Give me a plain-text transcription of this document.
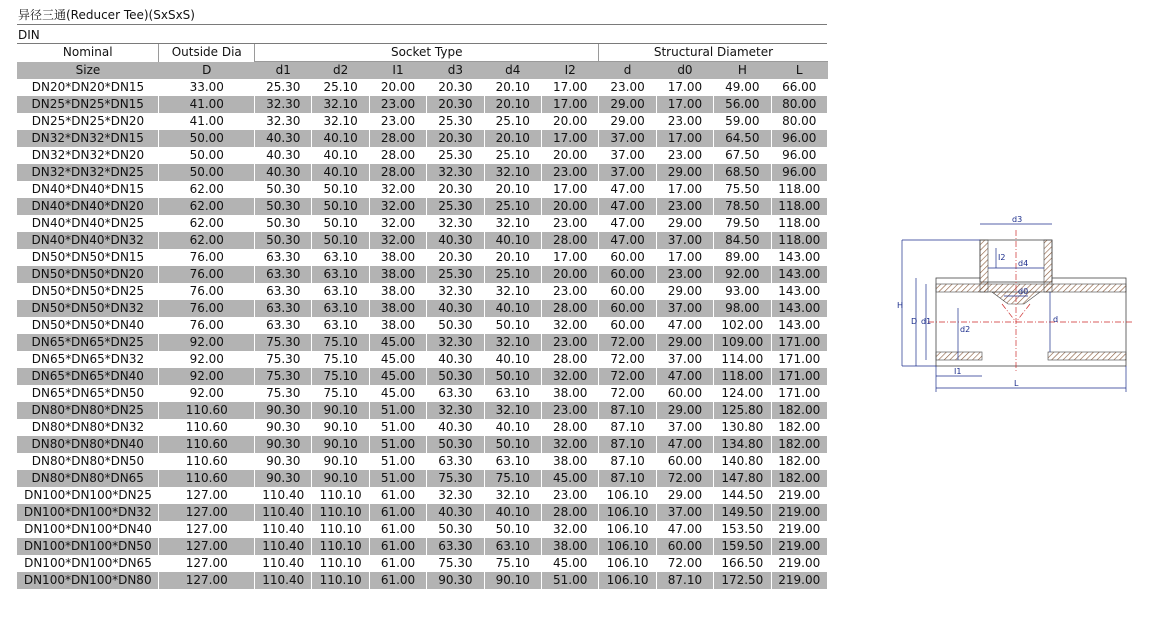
异径三通(Reducer Tee)(SxSxS)
DIN
Nominal	Outside Dia	Socket Type						Structural Diameter			
Size	D	d1	d2	I1	d3	d4	I2	d	d0	H	L
DN20*DN20*DN15	33.00	25.30	25.10	20.00	20.30	20.10	17.00	23.00	17.00	49.00	66.00
DN25*DN25*DN15	41.00	32.30	32.10	23.00	20.30	20.10	17.00	29.00	17.00	56.00	80.00
DN25*DN25*DN20	41.00	32.30	32.10	23.00	25.30	25.10	20.00	29.00	23.00	59.00	80.00
DN32*DN32*DN15	50.00	40.30	40.10	28.00	20.30	20.10	17.00	37.00	17.00	64.50	96.00
DN32*DN32*DN20	50.00	40.30	40.10	28.00	25.30	25.10	20.00	37.00	23.00	67.50	96.00
DN32*DN32*DN25	50.00	40.30	40.10	28.00	32.30	32.10	23.00	37.00	29.00	68.50	96.00
DN40*DN40*DN15	62.00	50.30	50.10	32.00	20.30	20.10	17.00	47.00	17.00	75.50	118.00
DN40*DN40*DN20	62.00	50.30	50.10	32.00	25.30	25.10	20.00	47.00	23.00	78.50	118.00
DN40*DN40*DN25	62.00	50.30	50.10	32.00	32.30	32.10	23.00	47.00	29.00	79.50	118.00
DN40*DN40*DN32	62.00	50.30	50.10	32.00	40.30	40.10	28.00	47.00	37.00	84.50	118.00
DN50*DN50*DN15	76.00	63.30	63.10	38.00	20.30	20.10	17.00	60.00	17.00	89.00	143.00
DN50*DN50*DN20	76.00	63.30	63.10	38.00	25.30	25.10	20.00	60.00	23.00	92.00	143.00
DN50*DN50*DN25	76.00	63.30	63.10	38.00	32.30	32.10	23.00	60.00	29.00	93.00	143.00
DN50*DN50*DN32	76.00	63.30	63.10	38.00	40.30	40.10	28.00	60.00	37.00	98.00	143.00
DN50*DN50*DN40	76.00	63.30	63.10	38.00	50.30	50.10	32.00	60.00	47.00	102.00	143.00
DN65*DN65*DN25	92.00	75.30	75.10	45.00	32.30	32.10	23.00	72.00	29.00	109.00	171.00
DN65*DN65*DN32	92.00	75.30	75.10	45.00	40.30	40.10	28.00	72.00	37.00	114.00	171.00
DN65*DN65*DN40	92.00	75.30	75.10	45.00	50.30	50.10	32.00	72.00	47.00	118.00	171.00
DN65*DN65*DN50	92.00	75.30	75.10	45.00	63.30	63.10	38.00	72.00	60.00	124.00	171.00
DN80*DN80*DN25	110.60	90.30	90.10	51.00	32.30	32.10	23.00	87.10	29.00	125.80	182.00
DN80*DN80*DN32	110.60	90.30	90.10	51.00	40.30	40.10	28.00	87.10	37.00	130.80	182.00
DN80*DN80*DN40	110.60	90.30	90.10	51.00	50.30	50.10	32.00	87.10	47.00	134.80	182.00
DN80*DN80*DN50	110.60	90.30	90.10	51.00	63.30	63.10	38.00	87.10	60.00	140.80	182.00
DN80*DN80*DN65	110.60	90.30	90.10	51.00	75.30	75.10	45.00	87.10	72.00	147.80	182.00
DN100*DN100*DN25	127.00	110.40	110.10	61.00	32.30	32.10	23.00	106.10	29.00	144.50	219.00
DN100*DN100*DN32	127.00	110.40	110.10	61.00	40.30	40.10	28.00	106.10	37.00	149.50	219.00
DN100*DN100*DN40	127.00	110.40	110.10	61.00	50.30	50.10	32.00	106.10	47.00	153.50	219.00
DN100*DN100*DN50	127.00	110.40	110.10	61.00	63.30	63.10	38.00	106.10	60.00	159.50	219.00
DN100*DN100*DN65	127.00	110.40	110.10	61.00	75.30	75.10	45.00	106.10	72.00	166.50	219.00
DN100*DN100*DN80	127.00	110.40	110.10	61.00	90.30	90.10	51.00	106.10	87.10	172.50	219.00
d3
d4
I2
d0
H
D d1
d2
d
I1
L
